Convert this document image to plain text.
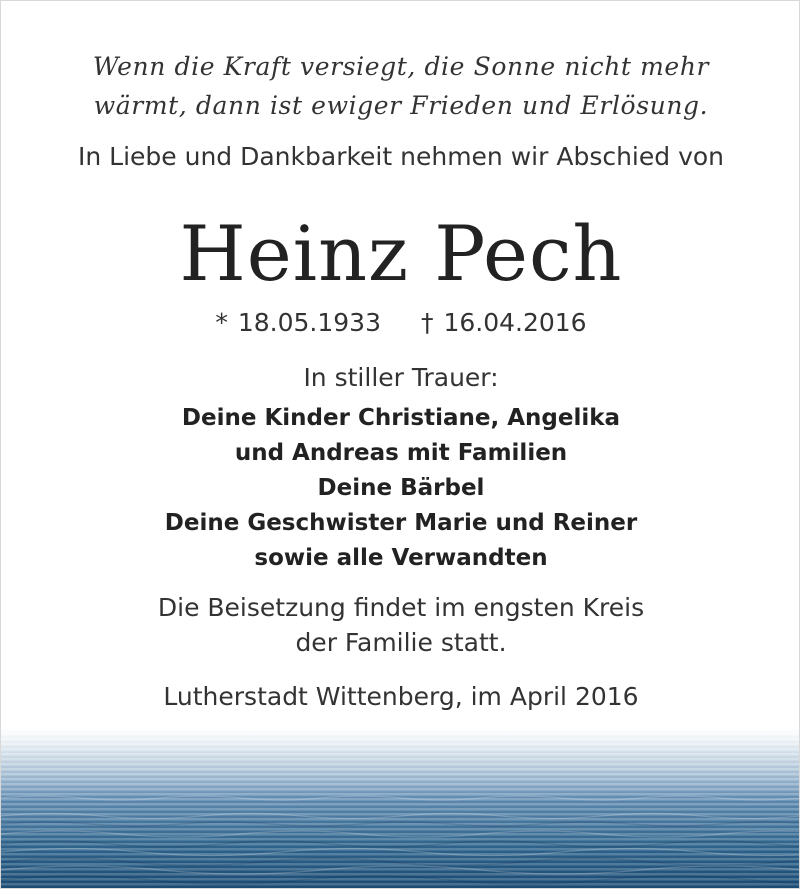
Wenn die Kraft versiegt, die Sonne nicht mehr
wärmt, dann ist ewiger Frieden und Erlösung.
In Liebe und Dankbarkeit nehmen wir Abschied von
Heinz Pech
* 18.05.1933 † 16.04.2016
In stiller Trauer:
Deine Kinder Christiane, Angelika
und Andreas mit Familien
Deine Bärbel
Deine Geschwister Marie und Reiner
sowie alle Verwandten
Die Beisetzung findet im engsten Kreis
der Familie statt.
Lutherstadt Wittenberg, im April 2016
